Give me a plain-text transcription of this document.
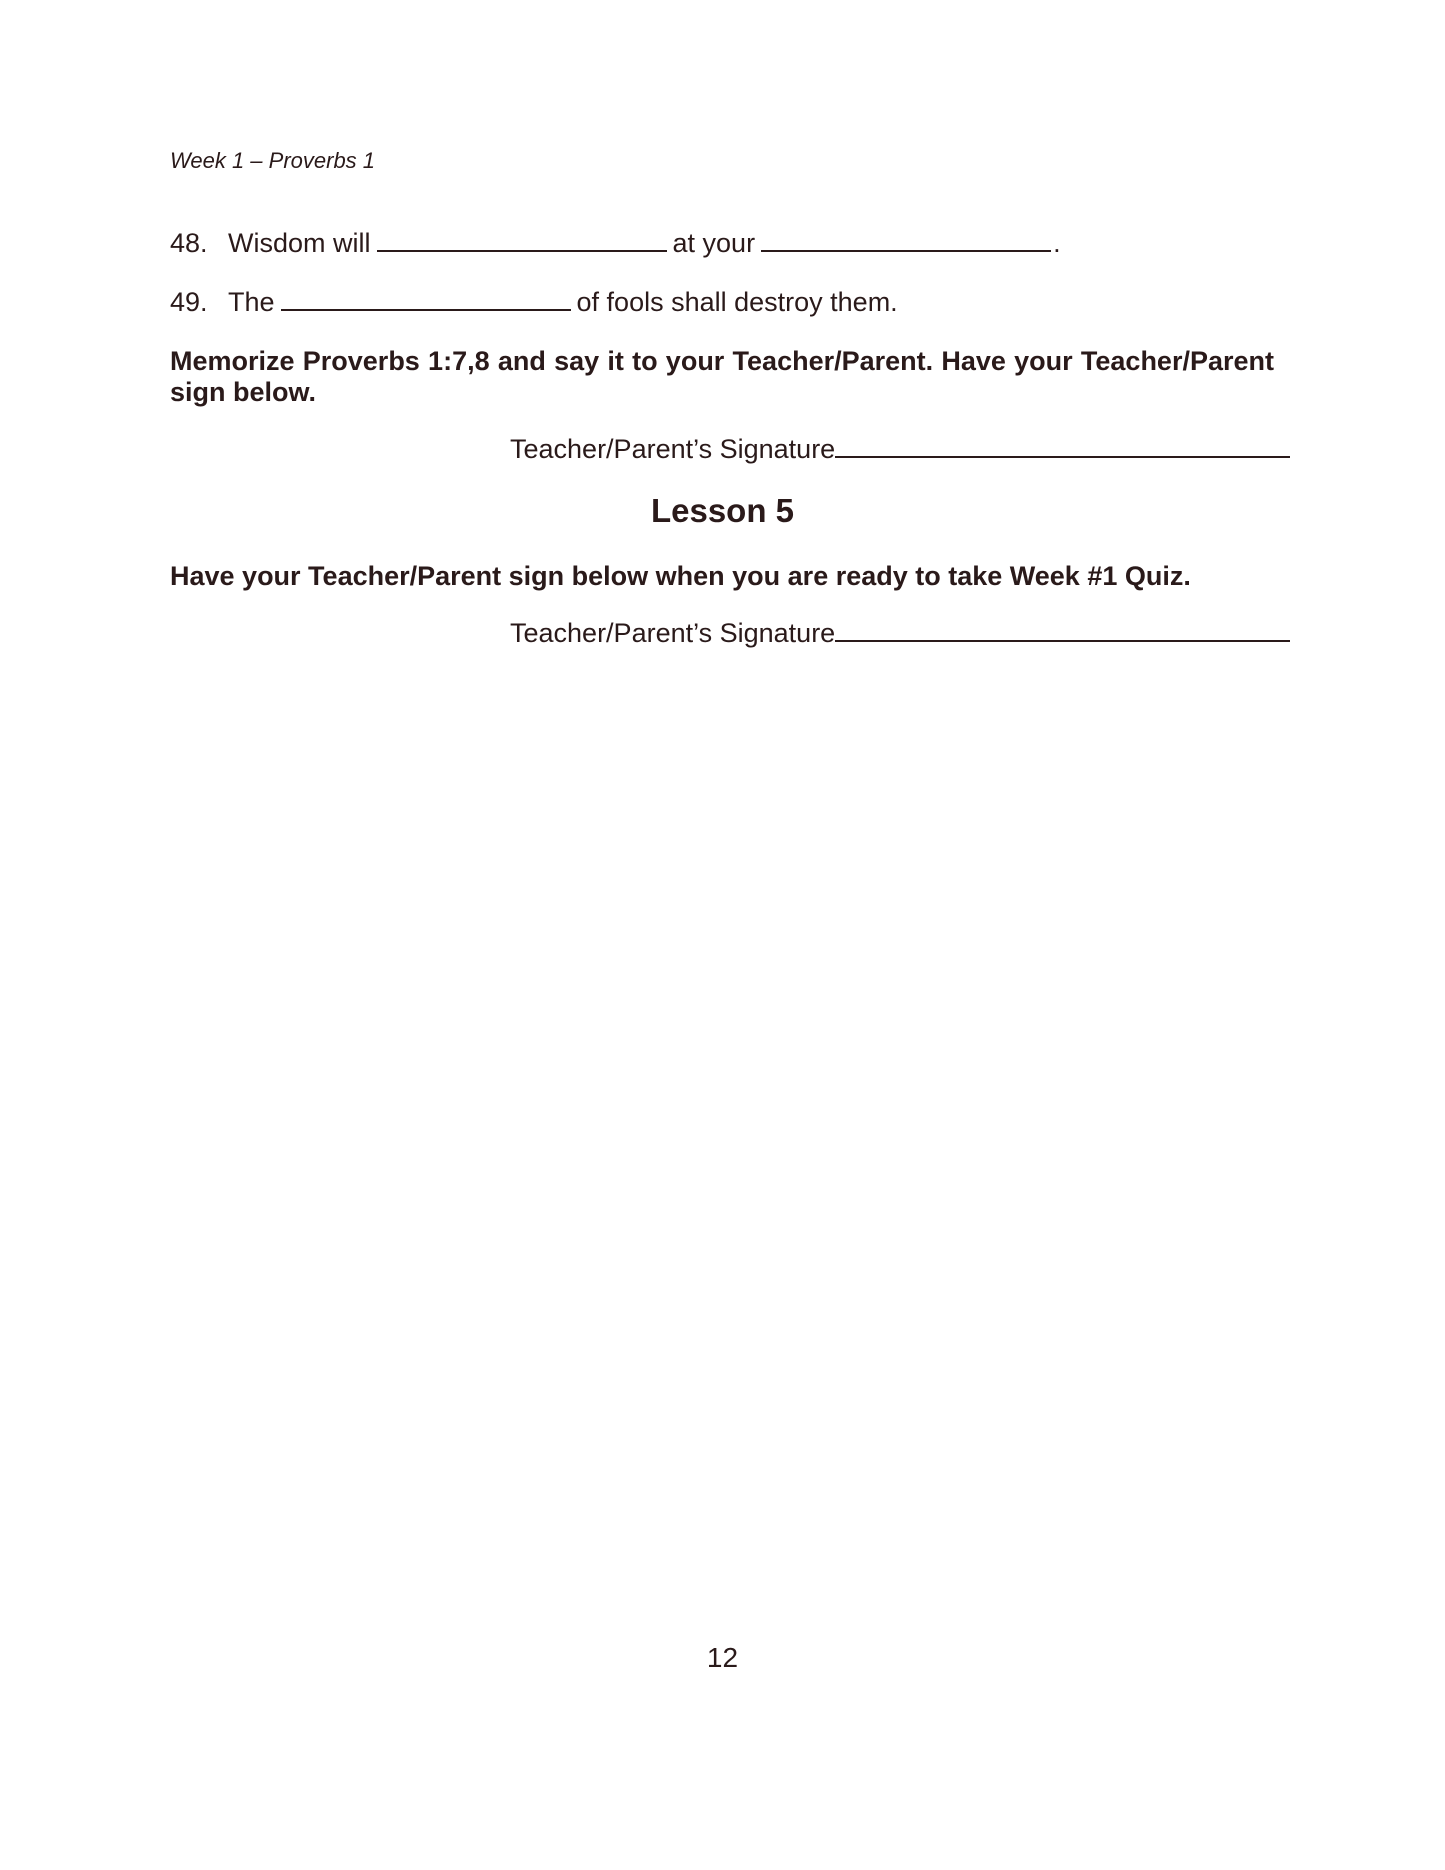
Week 1 – Proverbs 1
48. Wisdom will	at your	.
49. The	of fools shall destroy them.
Memorize Proverbs 1:7,8 and say it to your Teacher/Parent. Have your Teacher/Parent sign below.
Teacher/Parent’s Signature
Lesson 5
Have your Teacher/Parent sign below when you are ready to take Week #1 Quiz.
Teacher/Parent’s Signature
12
